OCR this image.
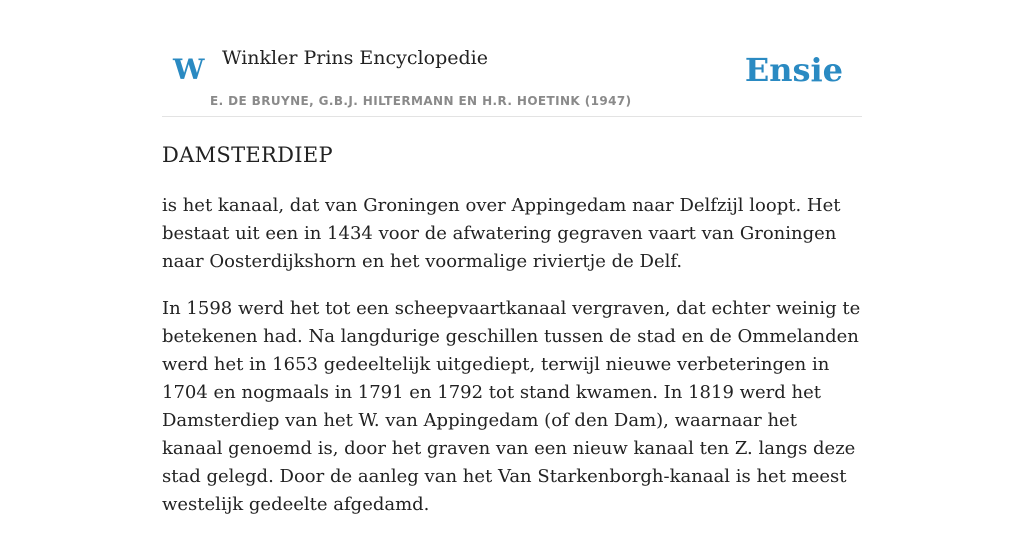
W Winkler Prins Encyclopedie
E. DE BRUYNE, G.B.J. HILTERMANN EN H.R. HOETINK (1947)
Ensie
DAMSTERDIEP

is het kanaal, dat van Groningen over Appingedam naar Delfzijl loopt. Het bestaat uit een in 1434 voor de afwatering gegraven vaart van Groningen naar Oosterdijkshorn en het voormalige riviertje de Delf.

In 1598 werd het tot een scheepvaartkanaal vergraven, dat echter weinig te betekenen had. Na langdurige geschillen tussen de stad en de Ommelanden werd het in 1653 gedeeltelijk uitgediept, terwijl nieuwe verbeteringen in 1704 en nogmaals in 1791 en 1792 tot stand kwamen. In 1819 werd het Damsterdiep van het W. van Appingedam (of den Dam), waarnaar het kanaal genoemd is, door het graven van een nieuw kanaal ten Z. langs deze stad gelegd. Door de aanleg van het Van Starkenborgh-kanaal is het meest westelijk gedeelte afgedamd.
